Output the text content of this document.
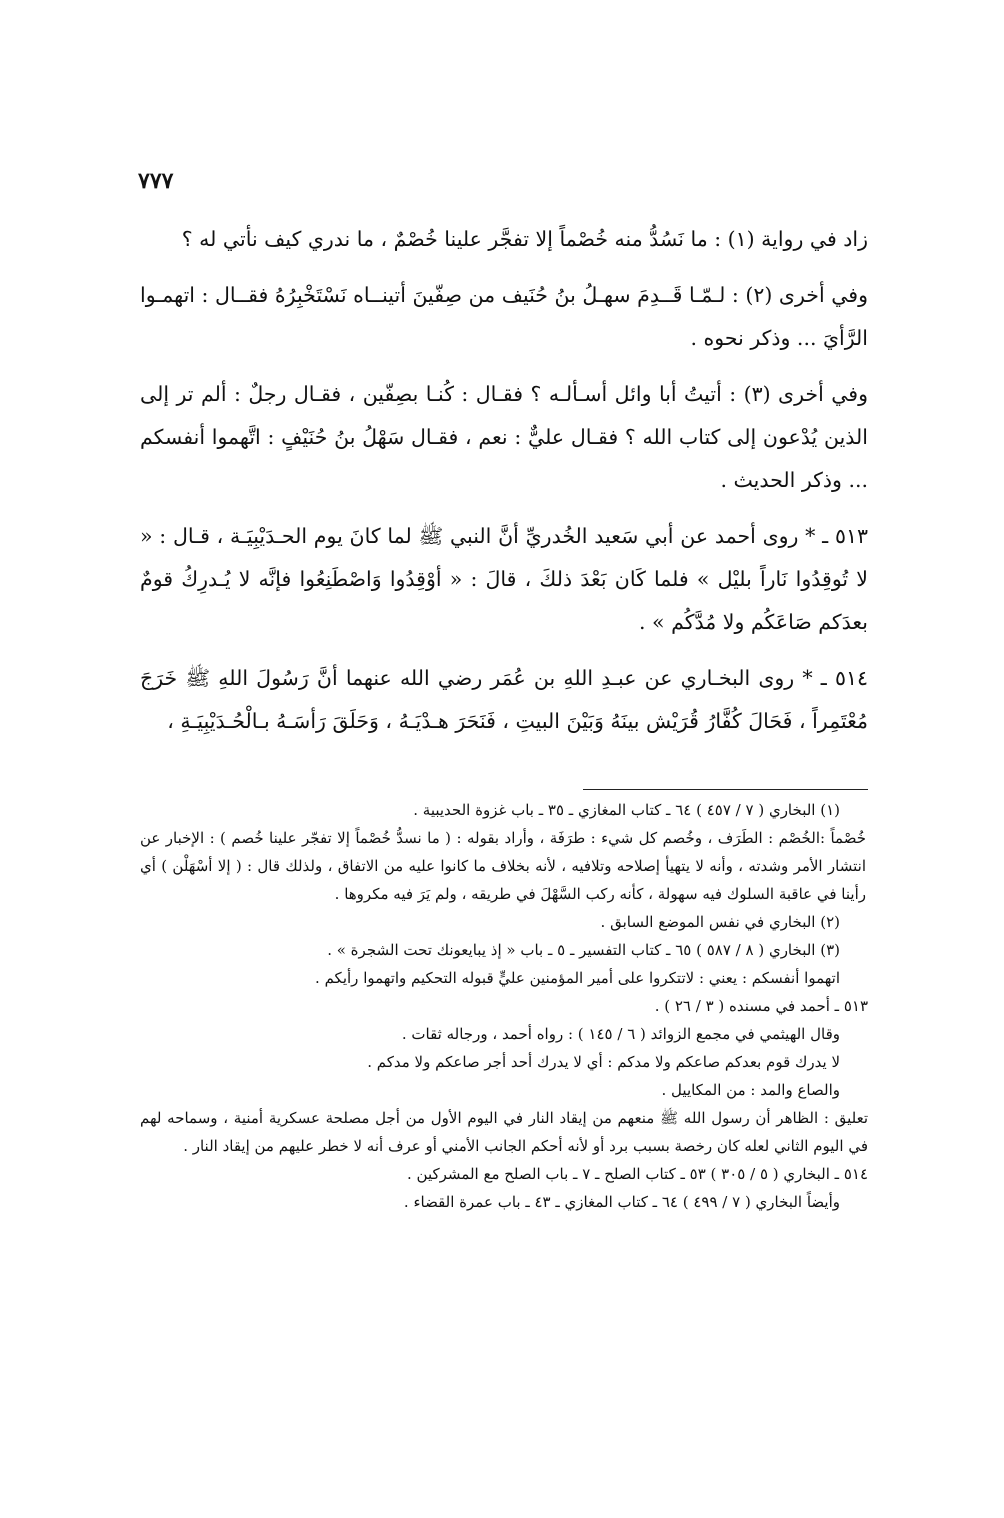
٧٧٧

زاد في رواية (١) : ما نَسُدُّ منه خُصْماً إلا تفجَّر علينا خُصْمٌ ، ما ندري كيف نأتي له ؟

وفي أخرى (٢) : لـمّـا قَــدِمَ سهـلُ بنُ حُنَيف من صِفّينَ أتينــاه نَسْتَخْبِرُهُ فقــال : اتهمـوا الرَّأيَ ... وذكر نحوه .

وفي أخرى (٣) : أتيتُ أبا وائل أسـألـه ؟ فقـال : كُنـا بصِفّين ، فقـال رجلٌ : ألم تر إلى الذين يُدْعون إلى كتاب الله ؟ فقـال عليٌّ : نعم ، فقـال سَهْلُ بنُ حُنَيْفٍ : اتَّهموا أنفسكم ... وذكر الحديث .

٥١٣ ـ * روى أحمد عن أبي سَعيد الخُدريِّ أنَّ النبي ﷺ لما كانَ يوم الحـدَيْبِيَـة ، قـال : « لا تُوقِدُوا نَاراً بليْل » فلما كَان بَعْدَ ذلكَ ، قالَ : « أوْقِدُوا وَاصْطَنِعُوا فإنَّه لا يُـدرِكُ قومٌ بعدَكم صَاعَكُم ولا مُدَّكُم » .

٥١٤ ـ * روى البخـاري عن عبـدِ اللهِ بن عُمَر رضي الله عنهما أنَّ رَسُولَ اللهِ ﷺ خَرَجَ مُعْتَمِراً ، فَحَالَ كُفَّارُ قُرَيْش بينَهُ وَبَيْنَ البيتِ ، فَنَحَرَ هـدْيَـهُ ، وَحَلَقَ رَأسَـهُ بـالْحُـدَيْبِيَـةِ ،

(١) البخاري ( ٧ / ٤٥٧ ) ٦٤ ـ كتاب المغازي ـ ٣٥ ـ باب غزوة الحديبية .

خُصْماً :الخُصْم : الطَرَف ، وخُصم كل شيء : طرَفَة ، وأراد بقوله : ( ما نسدُّ خُصْماً إلا تفجّر علينا خُصم ) : الإخبار عن انتشار الأمر وشدته ، وأنه لا يتهيأ إصلاحه وتلافيه ، لأنه بخلاف ما كانوا عليه من الاتفاق ، ولذلك قال : ( إلا أسْهَلْن ) أي رأينا في عاقبة السلوك فيه سهولة ، كأنه ركب السَّهْلَ في طريقه ، ولم يَرَ فيه مكروها .

(٢) البخاري في نفس الموضع السابق .

(٣) البخاري ( ٨ / ٥٨٧ ) ٦٥ ـ كتاب التفسير ـ ٥ ـ باب « إذ يبايعونك تحت الشجرة » .

اتهموا أنفسكم : يعني : لاتتكروا على أمير المؤمنين عليٍّ قبوله التحكيم واتهموا رأيكم .

٥١٣ ـ أحمد في مسنده ( ٣ / ٢٦ ) .

وقال الهيثمي في مجمع الزوائد ( ٦ / ١٤٥ ) : رواه أحمد ، ورجاله ثقات .

لا يدرك قوم بعدكم صاعكم ولا مدكم : أي لا يدرك أحد أجر صاعكم ولا مدكم .

والصاع والمد : من المكاييل .

تعليق : الظاهر أن رسول الله ﷺ منعهم من إيقاد النار في اليوم الأول من أجل مصلحة عسكرية أمنية ، وسماحه لهم في اليوم الثاني لعله كان رخصة بسبب برد أو لأنه أحكم الجانب الأمني أو عرف أنه لا خطر عليهم من إيقاد النار .

٥١٤ ـ البخاري ( ٥ / ٣٠٥ ) ٥٣ ـ كتاب الصلح ـ ٧ ـ باب الصلح مع المشركين .

وأيضاً البخاري ( ٧ / ٤٩٩ ) ٦٤ ـ كتاب المغازي ـ ٤٣ ـ باب عمرة القضاء .
